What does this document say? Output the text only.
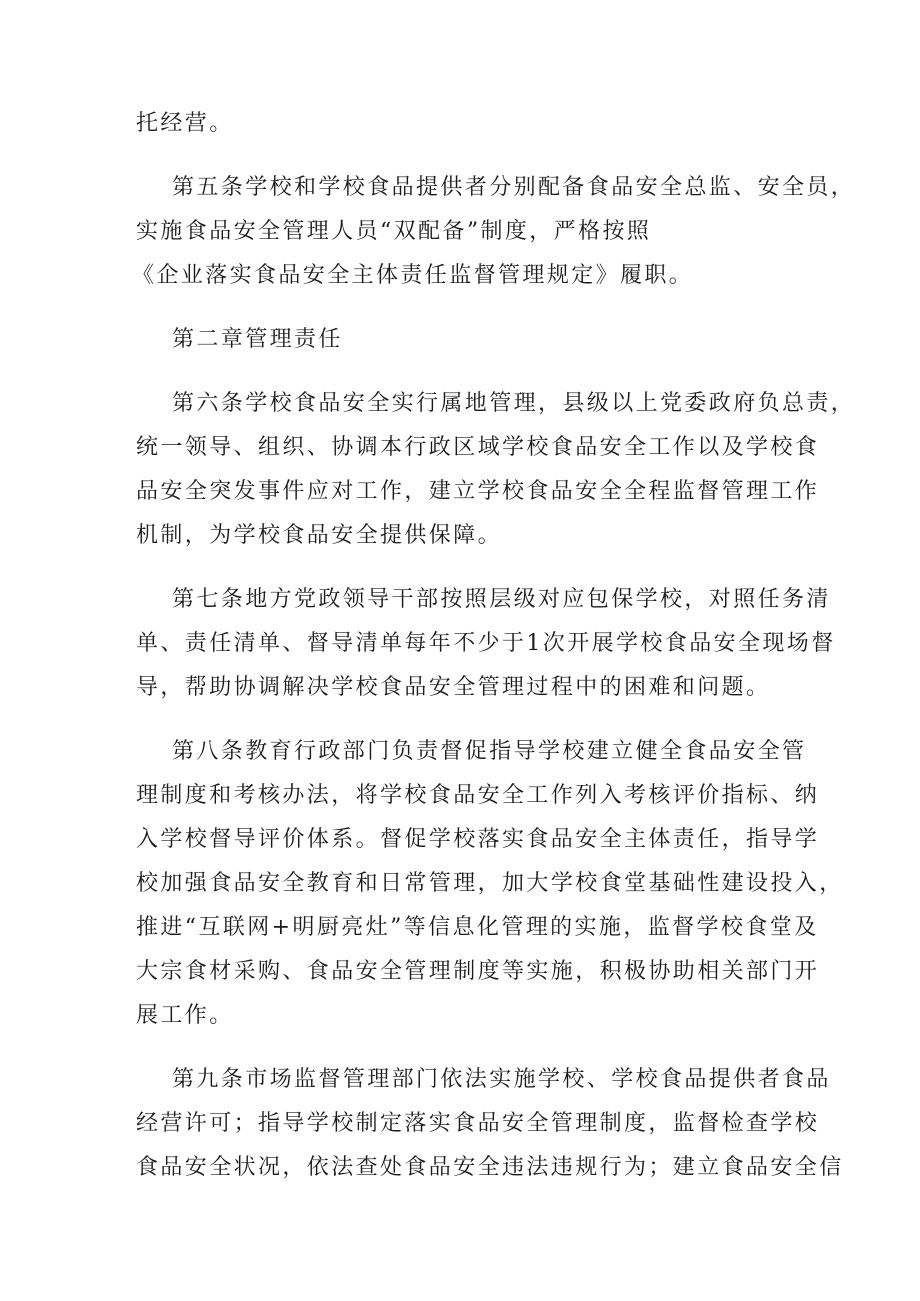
托经营。
第五条学校和学校食品提供者分别配备食品安全总监、安全员，
实施食品安全管理人员“双配备”制度，严格按照
《企业落实食品安全主体责任监督管理规定》履职。
第二章管理责任
第六条学校食品安全实行属地管理，县级以上党委政府负总责，
统一领导、组织、协调本行政区域学校食品安全工作以及学校食
品安全突发事件应对工作，建立学校食品安全全程监督管理工作
机制，为学校食品安全提供保障。
第七条地方党政领导干部按照层级对应包保学校，对照任务清
单、责任清单、督导清单每年不少于1次开展学校食品安全现场督
导，帮助协调解决学校食品安全管理过程中的困难和问题。
第八条教育行政部门负责督促指导学校建立健全食品安全管
理制度和考核办法，将学校食品安全工作列入考核评价指标、纳
入学校督导评价体系。督促学校落实食品安全主体责任，指导学
校加强食品安全教育和日常管理，加大学校食堂基础性建设投入，
推进“互联网+明厨亮灶”等信息化管理的实施，监督学校食堂及
大宗食材采购、食品安全管理制度等实施，积极协助相关部门开
展工作。
第九条市场监督管理部门依法实施学校、学校食品提供者食品
经营许可；指导学校制定落实食品安全管理制度，监督检查学校
食品安全状况，依法查处食品安全违法违规行为；建立食品安全信
